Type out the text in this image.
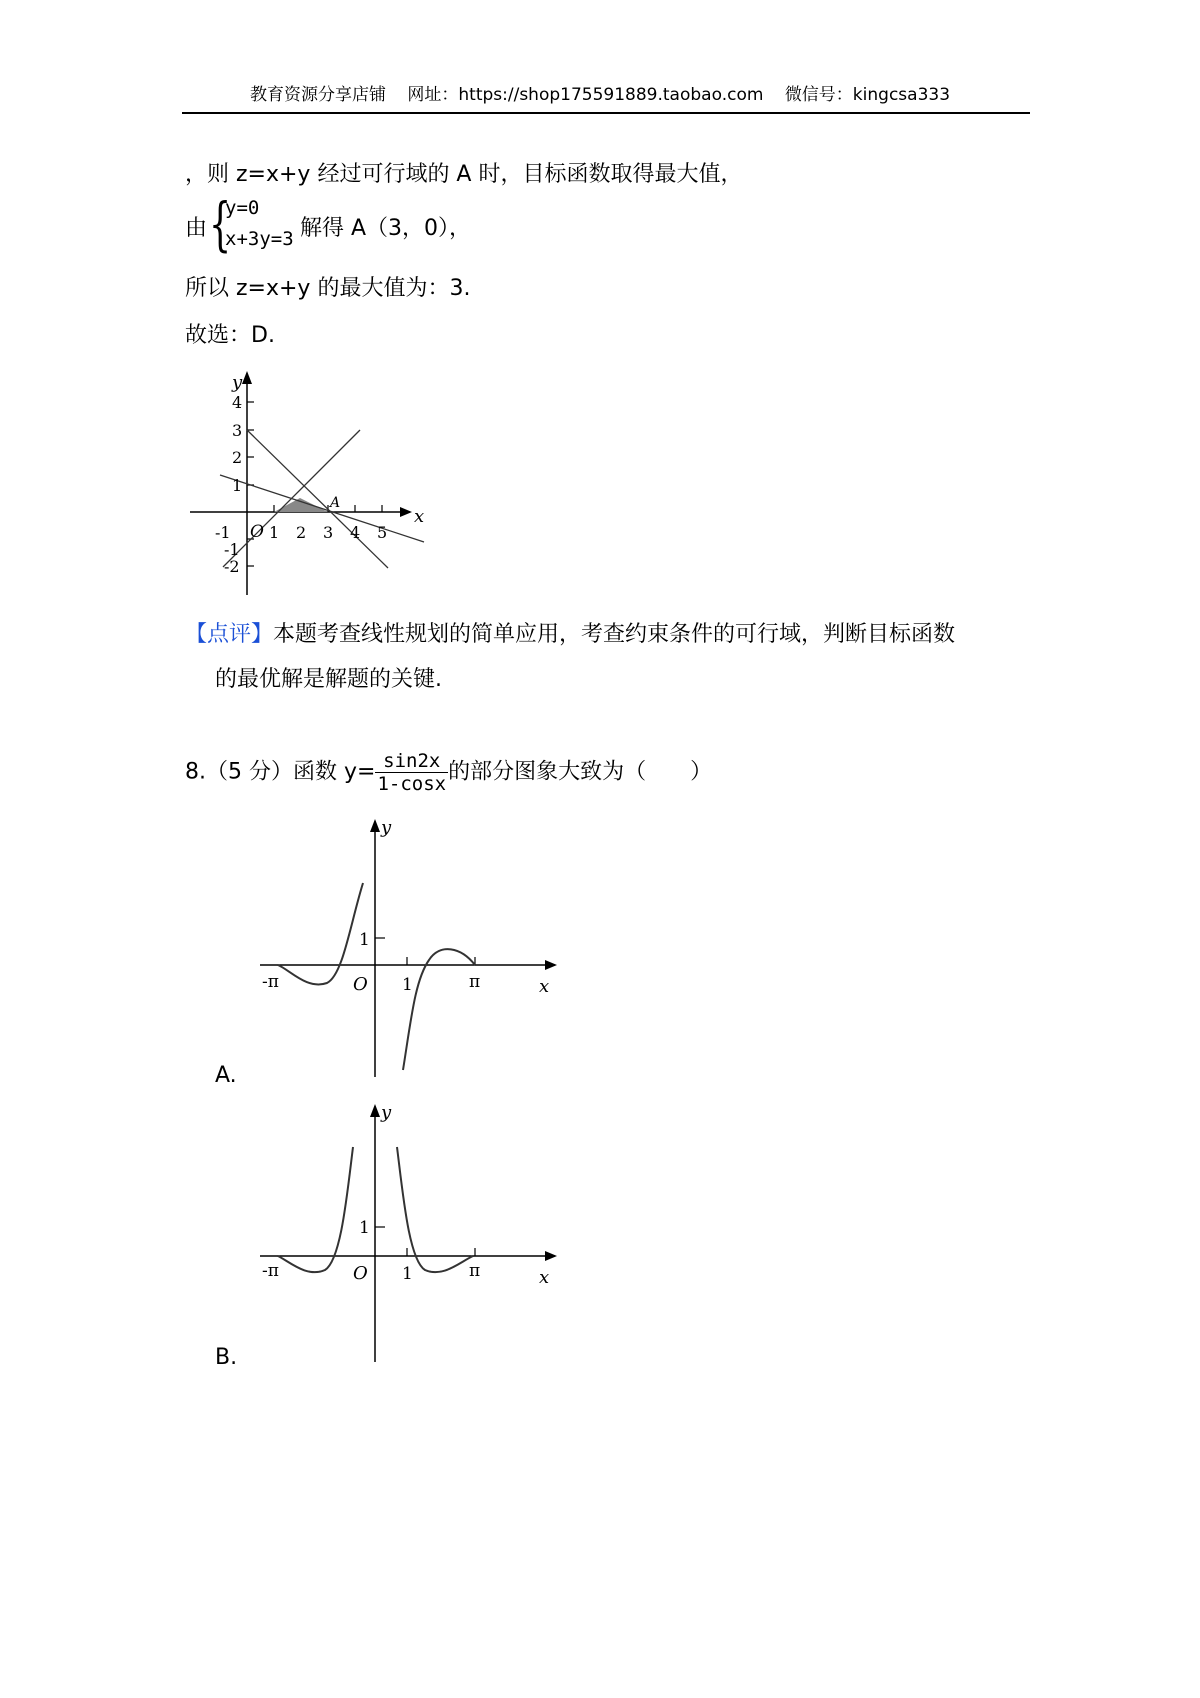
教育资源分享店铺 网址：https://shop175591889.taobao.com 微信号：kingcsa333
，则 z=x+y 经过可行域的 A 时，目标函数取得最大值，
由 {
y=0
x+3y=3 解得 A（3，0），
所以 z=x+y 的最大值为：3.
故选：D.
y
x
O
A
-1 1 2 3 4 5
4
3
2
1
-1
-2
【点评】本题考查线性规划的简单应用，考查约束条件的可行域，判断目标函数
的最优解是解题的关键.
8.（5 分）函数 $y= \frac{\sin 2x}{1-\cos x}$ 的部分图象大致为（　　）
y
x
O
1
1
-π	π
A.
y
x
O
1
1
-π	π
B.
